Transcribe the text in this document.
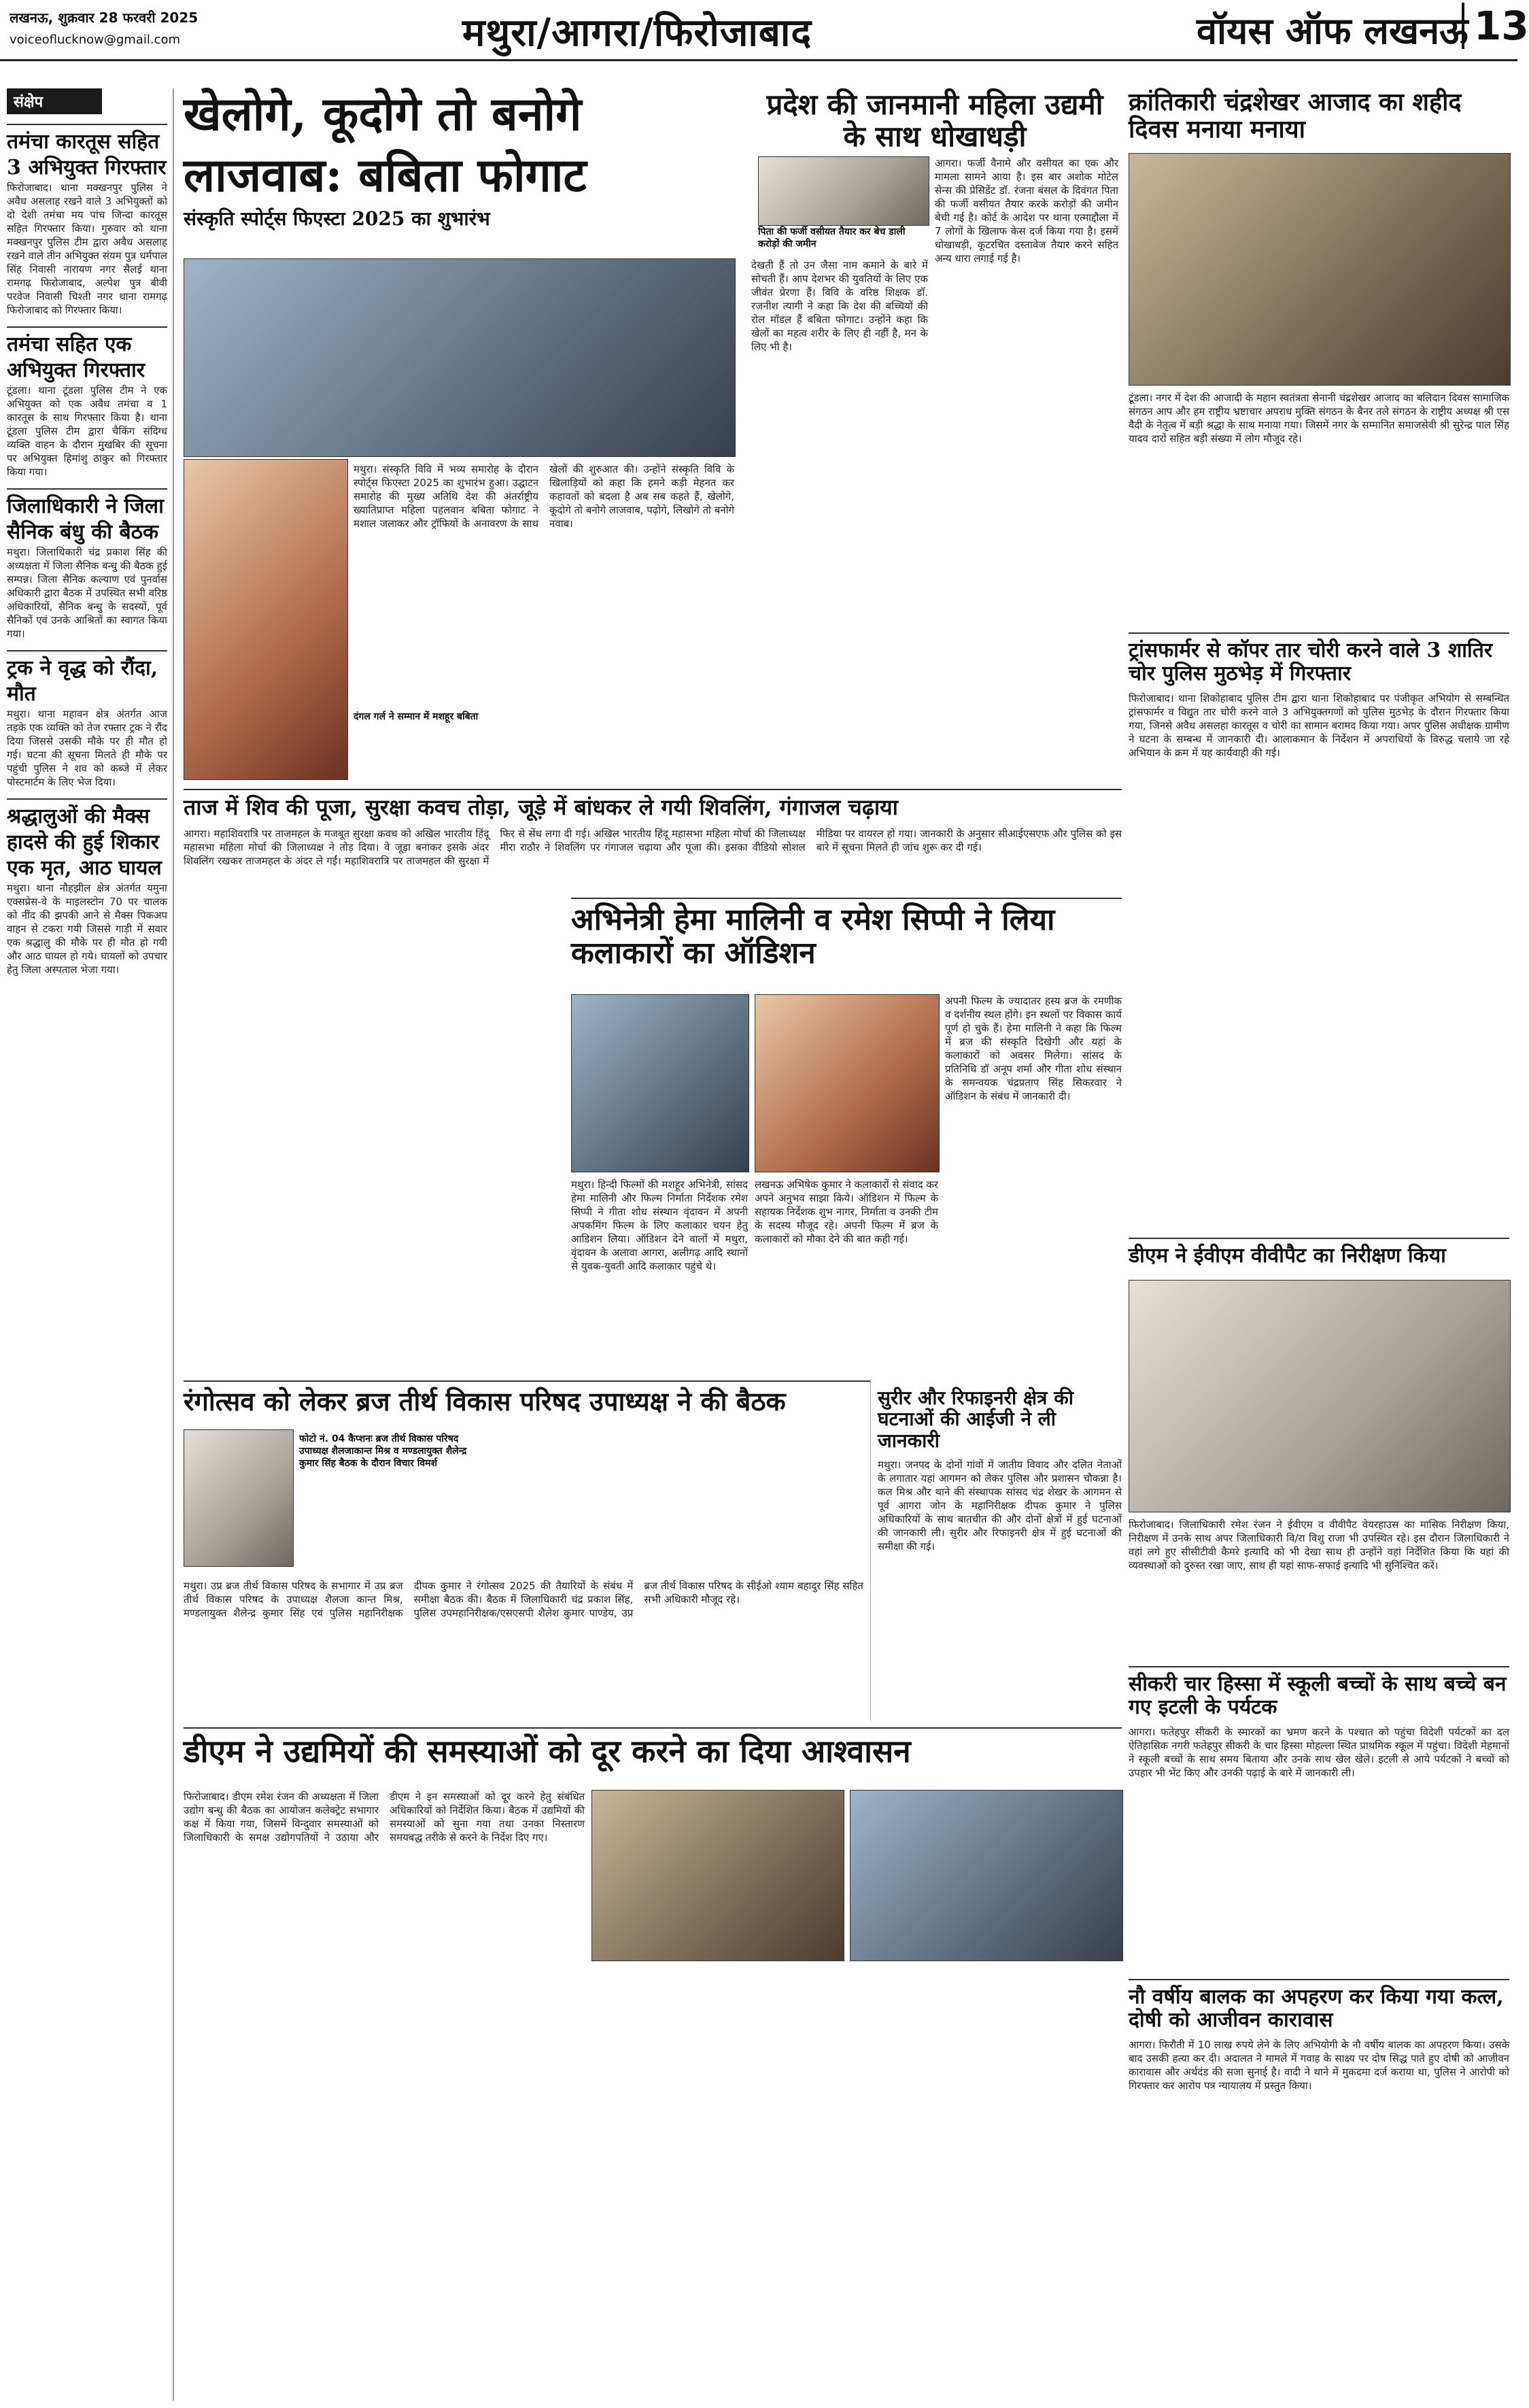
लखनऊ, शुक्रवार 28 फरवरी 2025
voiceoflucknow@gmail.com	मथुरा/आगरा/फिरोजाबाद	वॉयस ऑफ लखनऊ 13
संक्षेप
तमंचा कारतूस सहित 3 अभियुक्त गिरफ्तार
फिरोजाबाद। थाना मक्खनपुर पुलिस ने अवैध असलाह रखने वाले 3 अभियुक्तों को दो देशी तमंचा मय पांच जिन्दा कारतूस सहित गिरफ्तार किया। गुरुवार को थाना मक्खनपुर पुलिस टीम द्वारा अवैध असलाह रखने वाले तीन अभियुक्त संयम पुत्र धर्मपाल सिंह निवासी नारायण नगर सैलई थाना रामगढ़ फिरोजाबाद, अल्पेश पुत्र बीवी परवेज निवासी चिश्ती नगर थाना रामगढ़ फिरोजाबाद को गिरफ्तार किया।
तमंचा सहित एक अभियुक्त गिरफ्तार
टूंडला। थाना टूंडला पुलिस टीम ने एक अभियुक्त को एक अवैध तमंचा व 1 कारतूस के साथ गिरफ्तार किया है। थाना टूंडला पुलिस टीम द्वारा चैकिंग संदिग्ध व्यक्ति वाहन के दौरान मुखबिर की सूचना पर अभियुक्त हिमांशु ठाकुर को गिरफ्तार किया गया।
जिलाधिकारी ने जिला सैनिक बंधु की बैठक
मथुरा। जिलाधिकारी चंद्र प्रकाश सिंह की अध्यक्षता में जिला सैनिक बन्धु की बैठक हुई सम्पन्न। जिला सैनिक कल्याण एवं पुनर्वास अधिकारी द्वारा बैठक में उपस्थित सभी वरिष्ठ अधिकारियों, सैनिक बन्धु के सदस्यों, पूर्व सैनिकों एवं उनके आश्रितों का स्वागत किया गया।
ट्रक ने वृद्ध को रौंदा, मौत
मथुरा। थाना महावन क्षेत्र अंतर्गत आज तड़के एक व्यक्ति को तेज रफ्तार ट्रक ने रौंद दिया जिससे उसकी मौके पर ही मौत हो गई। घटना की सूचना मिलते ही मौके पर पहुंची पुलिस ने शव को कब्जे में लेकर पोस्टमार्टम के लिए भेज दिया।
श्रद्धालुओं की मैक्स हादसे की हुई शिकार एक मृत, आठ घायल
मथुरा। थाना नौहझील क्षेत्र अंतर्गत यमुना एक्सप्रेस-वे के माइलस्टोन 70 पर चालक को नींद की झपकी आने से मैक्स पिकअप वाहन से टकरा गयी जिससे गाड़ी में सवार एक श्रद्धालु की मौके पर ही मौत हो गयी और आठ घायल हो गये। घायलों को उपचार हेतु जिला अस्पताल भेजा गया।
खेलोगे, कूदोगे तो बनोगे
लाजवाब: बबिता फोगाट
संस्कृति स्पोर्ट्स फिएस्टा 2025 का शुभारंभ
मथुरा। संस्कृति विवि में भव्य समारोह के दौरान स्पोर्ट्स फिएस्टा 2025 का शुभारंभ हुआ। उद्घाटन समारोह की मुख्य अतिथि देश की अंतर्राष्ट्रीय ख्यातिप्राप्त महिला पहलवान बबिता फोगाट ने मशाल जलाकर और ट्रॉफियों के अनावरण के साथ खेलों की शुरुआत की। उन्होंने संस्कृति विवि के खिलाड़ियों को कहा कि हमने कड़ी मेहनत कर कहावतों को बदला है अब सब कहते हैं, खेलोगे, कूदोगे तो बनोगे लाजवाब, पढ़ोगे, लिखोगे तो बनोगे नवाब।
दंगल गर्ल ने सम्मान में मशहूर बबिता
देखती हैं तो उन जैसा नाम कमाने के बारे में सोचती हैं। आप देशभर की युवतियों के लिए एक जीवंत प्रेरणा हैं। विवि के वरिष्ठ शिक्षक डॉ. रजनीश त्यागी ने कहा कि देश की बच्चियों की रोल मॉडल हैं बबिता फोगाट। उन्होंने कहा कि खेलों का महत्व शरीर के लिए ही नहीं है, मन के लिए भी है।
प्रदेश की जानमानी महिला उद्यमी के साथ धोखाधड़ी
पिता की फर्जी वसीयत तैयार कर बेच डाली करोड़ों की जमीन
आगरा। फर्जी वैनामे और वसीयत का एक और मामला सामने आया है। इस बार अशोक मोटेल सेन्स की प्रेसिडेंट डॉ. रंजना बंसल के दिवंगत पिता की फर्जी वसीयत तैयार करके करोड़ों की जमीन बेची गई है। कोर्ट के आदेश पर थाना एत्माद्दौला में 7 लोगों के खिलाफ केस दर्ज किया गया है। इसमें धोखाधड़ी, कूटरचित दस्तावेज तैयार करने सहित अन्य धारा लगाई गई है।
क्रांतिकारी चंद्रशेखर आजाद का शहीद दिवस मनाया मनाया
टूंडला। नगर में देश की आजादी के महान स्वतंत्रता सेनानी चंद्रशेखर आजाद का बलिदान दिवस सामाजिक संगठन आप और हम राष्ट्रीय भ्रष्टाचार अपराध मुक्ति संगठन के बैनर तले संगठन के राष्ट्रीय अध्यक्ष श्री एस वैदी के नेतृत्व में बड़ी श्रद्धा के साथ मनाया गया। जिसमें नगर के सम्मानित समाजसेवी श्री सुरेन्द्र पाल सिंह यादव दारों सहित बड़ी संख्या में लोग मौजूद रहे।
ट्रांसफार्मर से कॉपर तार चोरी करने वाले 3 शातिर चोर पुलिस मुठभेड़ में गिरफ्तार
फिरोजाबाद। थाना शिकोहाबाद पुलिस टीम द्वारा थाना शिकोहाबाद पर पंजीकृत अभियोग से सम्बन्धित ट्रांसफार्मर व विद्युत तार चोरी करने वाले 3 अभियुक्तगणों को पुलिस मुठभेड़ के दौरान गिरफ्तार किया गया, जिनसे अवैध असलहा कारतूस व चोरी का सामान बरामद किया गया। अपर पुलिस अधीक्षक ग्रामीण ने घटना के सम्बन्ध में जानकारी दी। आलाकमान के निर्देशन में अपराधियों के विरुद्ध चलाये जा रहे अभियान के क्रम में यह कार्यवाही की गई।
ताज में शिव की पूजा, सुरक्षा कवच तोड़ा, जूड़े में बांधकर ले गयी शिवलिंग, गंगाजल चढ़ाया
आगरा। महाशिवरात्रि पर ताजमहल के मजबूत सुरक्षा कवच को अखिल भारतीय हिंदू महासभा महिला मोर्चा की जिलाध्यक्ष ने तोड़ दिया। वे जूड़ा बनाकर इसके अंदर शिवलिंग रखकर ताजमहल के अंदर ले गईं। महाशिवरात्रि पर ताजमहल की सुरक्षा में फिर से सेंध लगा दी गई। अखिल भारतीय हिंदू महासभा महिला मोर्चा की जिलाध्यक्ष मीरा राठौर ने शिवलिंग पर गंगाजल चढ़ाया और पूजा की। इसका वीडियो सोशल मीडिया पर वायरल हो गया। जानकारी के अनुसार सीआईएसएफ और पुलिस को इस बारे में सूचना मिलते ही जांच शुरू कर दी गई।
अभिनेत्री हेमा मालिनी व रमेश सिप्पी ने लिया कलाकारों का ऑडिशन
मथुरा। हिन्दी फिल्मों की मशहूर अभिनेत्री, सांसद हेमा मालिनी और फिल्म निर्माता निर्देशक रमेश सिप्पी ने गीता शोध संस्थान वृंदावन में अपनी अपकमिंग फिल्म के लिए कलाकार चयन हेतु आडिशन लिया। ऑडिशन देने वालों में मथुरा, वृंदावन के अलावा आगरा, अलीगढ़ आदि स्थानों से युवक-युवती आदि कलाकार पहुंचे थे।
लखनऊ अभिषेक कुमार ने कलाकारों से संवाद कर अपने अनुभव साझा किये। ऑडिशन में फिल्म के सहायक निर्देशक शुभ नागर, निर्माता व उनकी टीम के सदस्य मौजूद रहे। अपनी फिल्म में ब्रज के कलाकारों को मौका देने की बात कही गई।
अपनी फिल्म के ज्यादातर हस्य ब्रज के रमणीक व दर्शनीय स्थल होंगे। इन स्थलों पर विकास कार्य पूर्ण हो चुके हैं। हेमा मालिनी ने कहा कि फिल्म में ब्रज की संस्कृति दिखेगी और यहां के कलाकारों को अवसर मिलेगा। सांसद के प्रतिनिधि डॉ अनूप शर्मा और गीता शोध संस्थान के समन्वयक चंद्रप्रताप सिंह सिकरवार ने ऑडिशन के संबंध में जानकारी दी।
रंगोत्सव को लेकर ब्रज तीर्थ विकास परिषद उपाध्यक्ष ने की बैठक
फोटो नं. 04 कैप्शनः ब्रज तीर्थ विकास परिषद उपाध्यक्ष शैलजाकान्त मिश्र व मण्डलायुक्त शैलेन्द्र कुमार सिंह बैठक के दौरान विचार विमर्श
मथुरा। उप्र ब्रज तीर्थ विकास परिषद के सभागार में उप्र ब्रज तीर्थ विकास परिषद के उपाध्यक्ष शैलजा कान्त मिश्र, मण्डलायुक्त शैलेन्द्र कुमार सिंह एवं पुलिस महानिरीक्षक दीपक कुमार ने रंगोत्सव 2025 की तैयारियों के संबंध में समीक्षा बैठक की। बैठक में जिलाधिकारी चंद्र प्रकाश सिंह, पुलिस उपमहानिरीक्षक/एसएसपी शैलेश कुमार पाण्डेय, उप्र ब्रज तीर्थ विकास परिषद के सीईओ श्याम बहादुर सिंह सहित सभी अधिकारी मौजूद रहे।
सुरीर और रिफाइनरी क्षेत्र की घटनाओं की आईजी ने ली जानकारी
मथुरा। जनपद के दोनों गांवों में जातीय विवाद और दलित नेताओं के लगातार यहां आगमन को लेकर पुलिस और प्रशासन चौकन्ना है। कल मिश्र और थाने की संस्थापक सांसद चंद्र शेखर के आगमन से पूर्व आगरा जोन के महानिरीक्षक दीपक कुमार ने पुलिस अधिकारियों के साथ बातचीत की और दोनों क्षेत्रों में हुई घटनाओं की जानकारी ली। सुरीर और रिफाइनरी क्षेत्र में हुई घटनाओं की समीक्षा की गई।
डीएम ने ईवीएम वीवीपैट का निरीक्षण किया
फिरोजाबाद। जिलाधिकारी रमेश रंजन ने ईवीएम व वीवीपैट वेयरहाउस का मासिक निरीक्षण किया, निरीक्षण में उनके साथ अपर जिलाधिकारी वि/रा विशु राजा भी उपस्थित रहे। इस दौरान जिलाधिकारी ने वहां लगे हुए सीसीटीवी कैमरे इत्यादि को भी देखा साथ ही उन्होंने वहां निर्देशित किया कि यहां की व्यवस्थाओं को दुरुस्त रखा जाए, साथ ही यहां साफ-सफाई इत्यादि भी सुनिश्चित करें।
सीकरी चार हिस्सा में स्कूली बच्चों के साथ बच्चे बन गए इटली के पर्यटक
आगरा। फतेहपुर सीकरी के स्मारकों का भ्रमण करने के पश्चात को पहुंचा विदेशी पर्यटकों का दल ऐतिहासिक नगरी फतेहपुर सीकरी के चार हिस्सा मोहल्ला स्थित प्राथमिक स्कूल में पहुंचा। विदेशी मेहमानों ने स्कूली बच्चों के साथ समय बिताया और उनके साथ खेल खेले। इटली से आये पर्यटकों ने बच्चों को उपहार भी भेंट किए और उनकी पढ़ाई के बारे में जानकारी ली।
डीएम ने उद्यमियों की समस्याओं को दूर करने का दिया आश्वासन
फिरोजाबाद। डीएम रमेश रंजन की अध्यक्षता में जिला उद्योग बन्धु की बैठक का आयोजन कलेक्ट्रेट सभागार कक्ष में किया गया, जिसमें विन्दुवार समस्याओं को जिलाधिकारी के समक्ष उद्योगपतियों ने उठाया और डीएम ने इन समस्याओं को दूर करने हेतु संबंधित अधिकारियों को निर्देशित किया। बैठक में उद्यमियों की समस्याओं को सुना गया तथा उनका निस्तारण समयबद्ध तरीके से करने के निर्देश दिए गए।
नौ वर्षीय बालक का अपहरण कर किया गया कत्ल, दोषी को आजीवन कारावास
आगरा। फिरौती में 10 लाख रुपये लेने के लिए अभियोगी के नौ वर्षीय बालक का अपहरण किया। उसके बाद उसकी हत्या कर दी। अदालत ने मामले में गवाह के साक्ष्य पर दोष सिद्ध पाते हुए दोषी को आजीवन कारावास और अर्थदंड की सजा सुनाई है। वादी ने थाने में मुकदमा दर्ज कराया था, पुलिस ने आरोपी को गिरफ्तार कर आरोप पत्र न्यायालय में प्रस्तुत किया।
